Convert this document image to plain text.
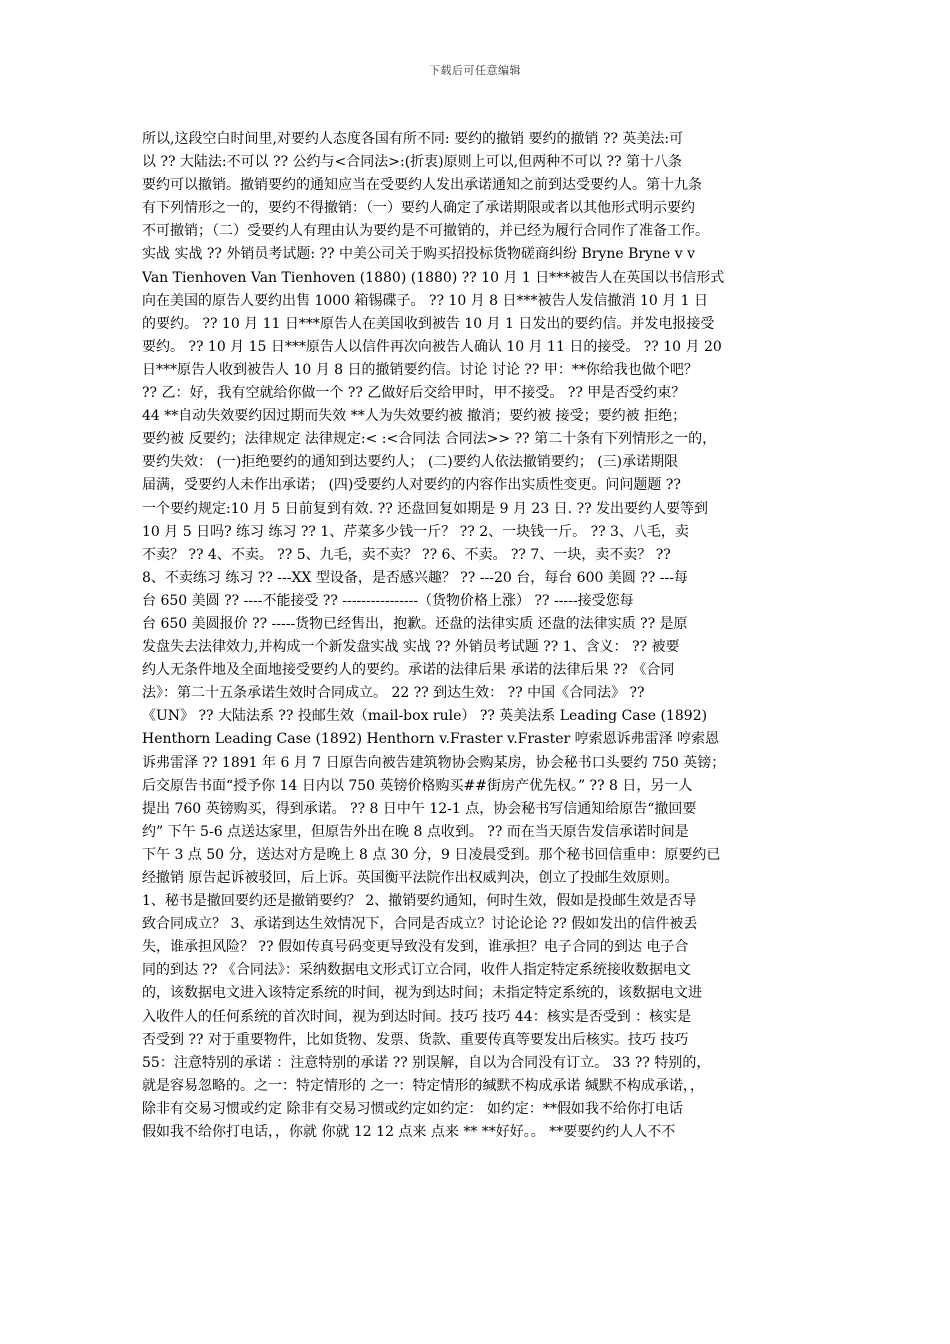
下载后可任意编辑
所以,这段空白时间里,对要约人态度各国有所不同: 要约的撤销 要约的撤销 ?? 英美法:可
以 ?? 大陆法:不可以 ?? 公约与<合同法>:(折衷)原则上可以,但两种不可以 ?? 第十八条
要约可以撤销。撤销要约的通知应当在受要约人发出承诺通知之前到达受要约人。第十九条
有下列情形之一的，要约不得撤销：（一）要约人确定了承诺期限或者以其他形式明示要约
不可撤销；（二）受要约人有理由认为要约是不可撤销的，并已经为履行合同作了准备工作。
实战 实战 ?? 外销员考试题: ?? 中美公司关于购买招投标货物磋商纠纷 Bryne Bryne v v
Van Tienhoven Van Tienhoven (1880) (1880) ?? 10 月 1 日***被告人在英国以书信形式
向在美国的原告人要约出售 1000 箱锡碟子。 ?? 10 月 8 日***被告人发信撤消 10 月 1 日
的要约。 ?? 10 月 11 日***原告人在美国收到被告 10 月 1 日发出的要约信。并发电报接受
要约。 ?? 10 月 15 日***原告人以信件再次向被告人确认 10 月 11 日的接受。 ?? 10 月 20
日***原告人收到被告人 10 月 8 日的撤销要约信。讨论 讨论 ?? 甲：**你给我也做个吧？
?? 乙：好，我有空就给你做一个 ?? 乙做好后交给甲时，甲不接受。 ?? 甲是否受约束？
44 **自动失效要约因过期而失效 **人为失效要约被 撤消；要约被 接受；要约被 拒绝；
要约被 反要约；法律规定 法律规定:< :<合同法 合同法>> ?? 第二十条有下列情形之一的，
要约失效： (一)拒绝要约的通知到达要约人； (二)要约人依法撤销要约； (三)承诺期限
届满，受要约人未作出承诺； (四)受要约人对要约的内容作出实质性变更。问问题题 ??
一个要约规定:10 月 5 日前复到有效. ?? 还盘回复如期是 9 月 23 日. ?? 发出要约人要等到
10 月 5 日吗? 练习 练习 ?? 1、芹菜多少钱一斤？ ?? 2、一块钱一斤。 ?? 3、八毛，卖
不卖？ ?? 4、不卖。 ?? 5、九毛，卖不卖？ ?? 6、不卖。 ?? 7、一块，卖不卖？ ??
8、不卖练习 练习 ?? ---XX 型设备，是否感兴趣？ ?? ---20 台，每台 600 美圆 ?? ---每
台 650 美圆 ?? ----不能接受 ?? ----------------（货物价格上涨） ?? -----接受您每
台 650 美圆报价 ?? -----货物已经售出，抱歉。还盘的法律实质 还盘的法律实质 ?? 是原
发盘失去法律效力,并构成一个新发盘实战 实战 ?? 外销员考试题 ?? 1、含义： ?? 被要
约人无条件地及全面地接受要约人的要约。承诺的法律后果 承诺的法律后果 ?? 《合同
法》：第二十五条承诺生效时合同成立。 22 ?? 到达生效： ?? 中国《合同法》 ??
《UN》 ?? 大陆法系 ?? 投邮生效（mail-box rule） ?? 英美法系 Leading Case (1892)
Henthorn Leading Case (1892) Henthorn v.Fraster v.Fraster 哼索恩诉弗雷泽 哼索恩
诉弗雷泽 ?? 1891 年 6 月 7 日原告向被告建筑物协会购某房，协会秘书口头要约 750 英镑；
后交原告书面“授予你 14 日内以 750 英镑价格购买##街房产优先权。” ?? 8 日，另一人
提出 760 英镑购买，得到承诺。 ?? 8 日中午 12-1 点，协会秘书写信通知给原告“撤回要
约” 下午 5-6 点送达家里，但原告外出在晚 8 点收到。 ?? 而在当天原告发信承诺时间是
下午 3 点 50 分，送达对方是晚上 8 点 30 分，9 日凌晨受到。那个秘书回信重申：原要约已
经撤销 原告起诉被驳回，后上诉。英国衡平法院作出权威判决，创立了投邮生效原则。
1、秘书是撤回要约还是撤销要约？ 2、撤销要约通知，何时生效，假如是投邮生效是否导
致合同成立？ 3、承诺到达生效情况下，合同是否成立？讨论论论 ?? 假如发出的信件被丢
失，谁承担风险？ ?? 假如传真号码变更导致没有发到，谁承担？电子合同的到达 电子合
同的到达 ?? 《合同法》：采纳数据电文形式订立合同，收件人指定特定系统接收数据电文
的，该数据电文进入该特定系统的时间，视为到达时间；未指定特定系统的，该数据电文进
入收件人的任何系统的首次时间，视为到达时间。技巧 技巧 44：核实是否受到 ：核实是
否受到 ?? 对于重要物件，比如货物、发票、货款、重要传真等要发出后核实。技巧 技巧
55：注意特别的承诺 ：注意特别的承诺 ?? 别误解，自以为合同没有订立。 33 ?? 特别的，
就是容易忽略的。之一：特定情形的 之一：特定情形的缄默不构成承诺 缄默不构成承诺，，
除非有交易习惯或约定 除非有交易习惯或约定如约定： 如约定：**假如我不给你打电话
假如我不给你打电话，，你就 你就 12 12 点来 点来 ** **好好。。 **要要约约人人不不
